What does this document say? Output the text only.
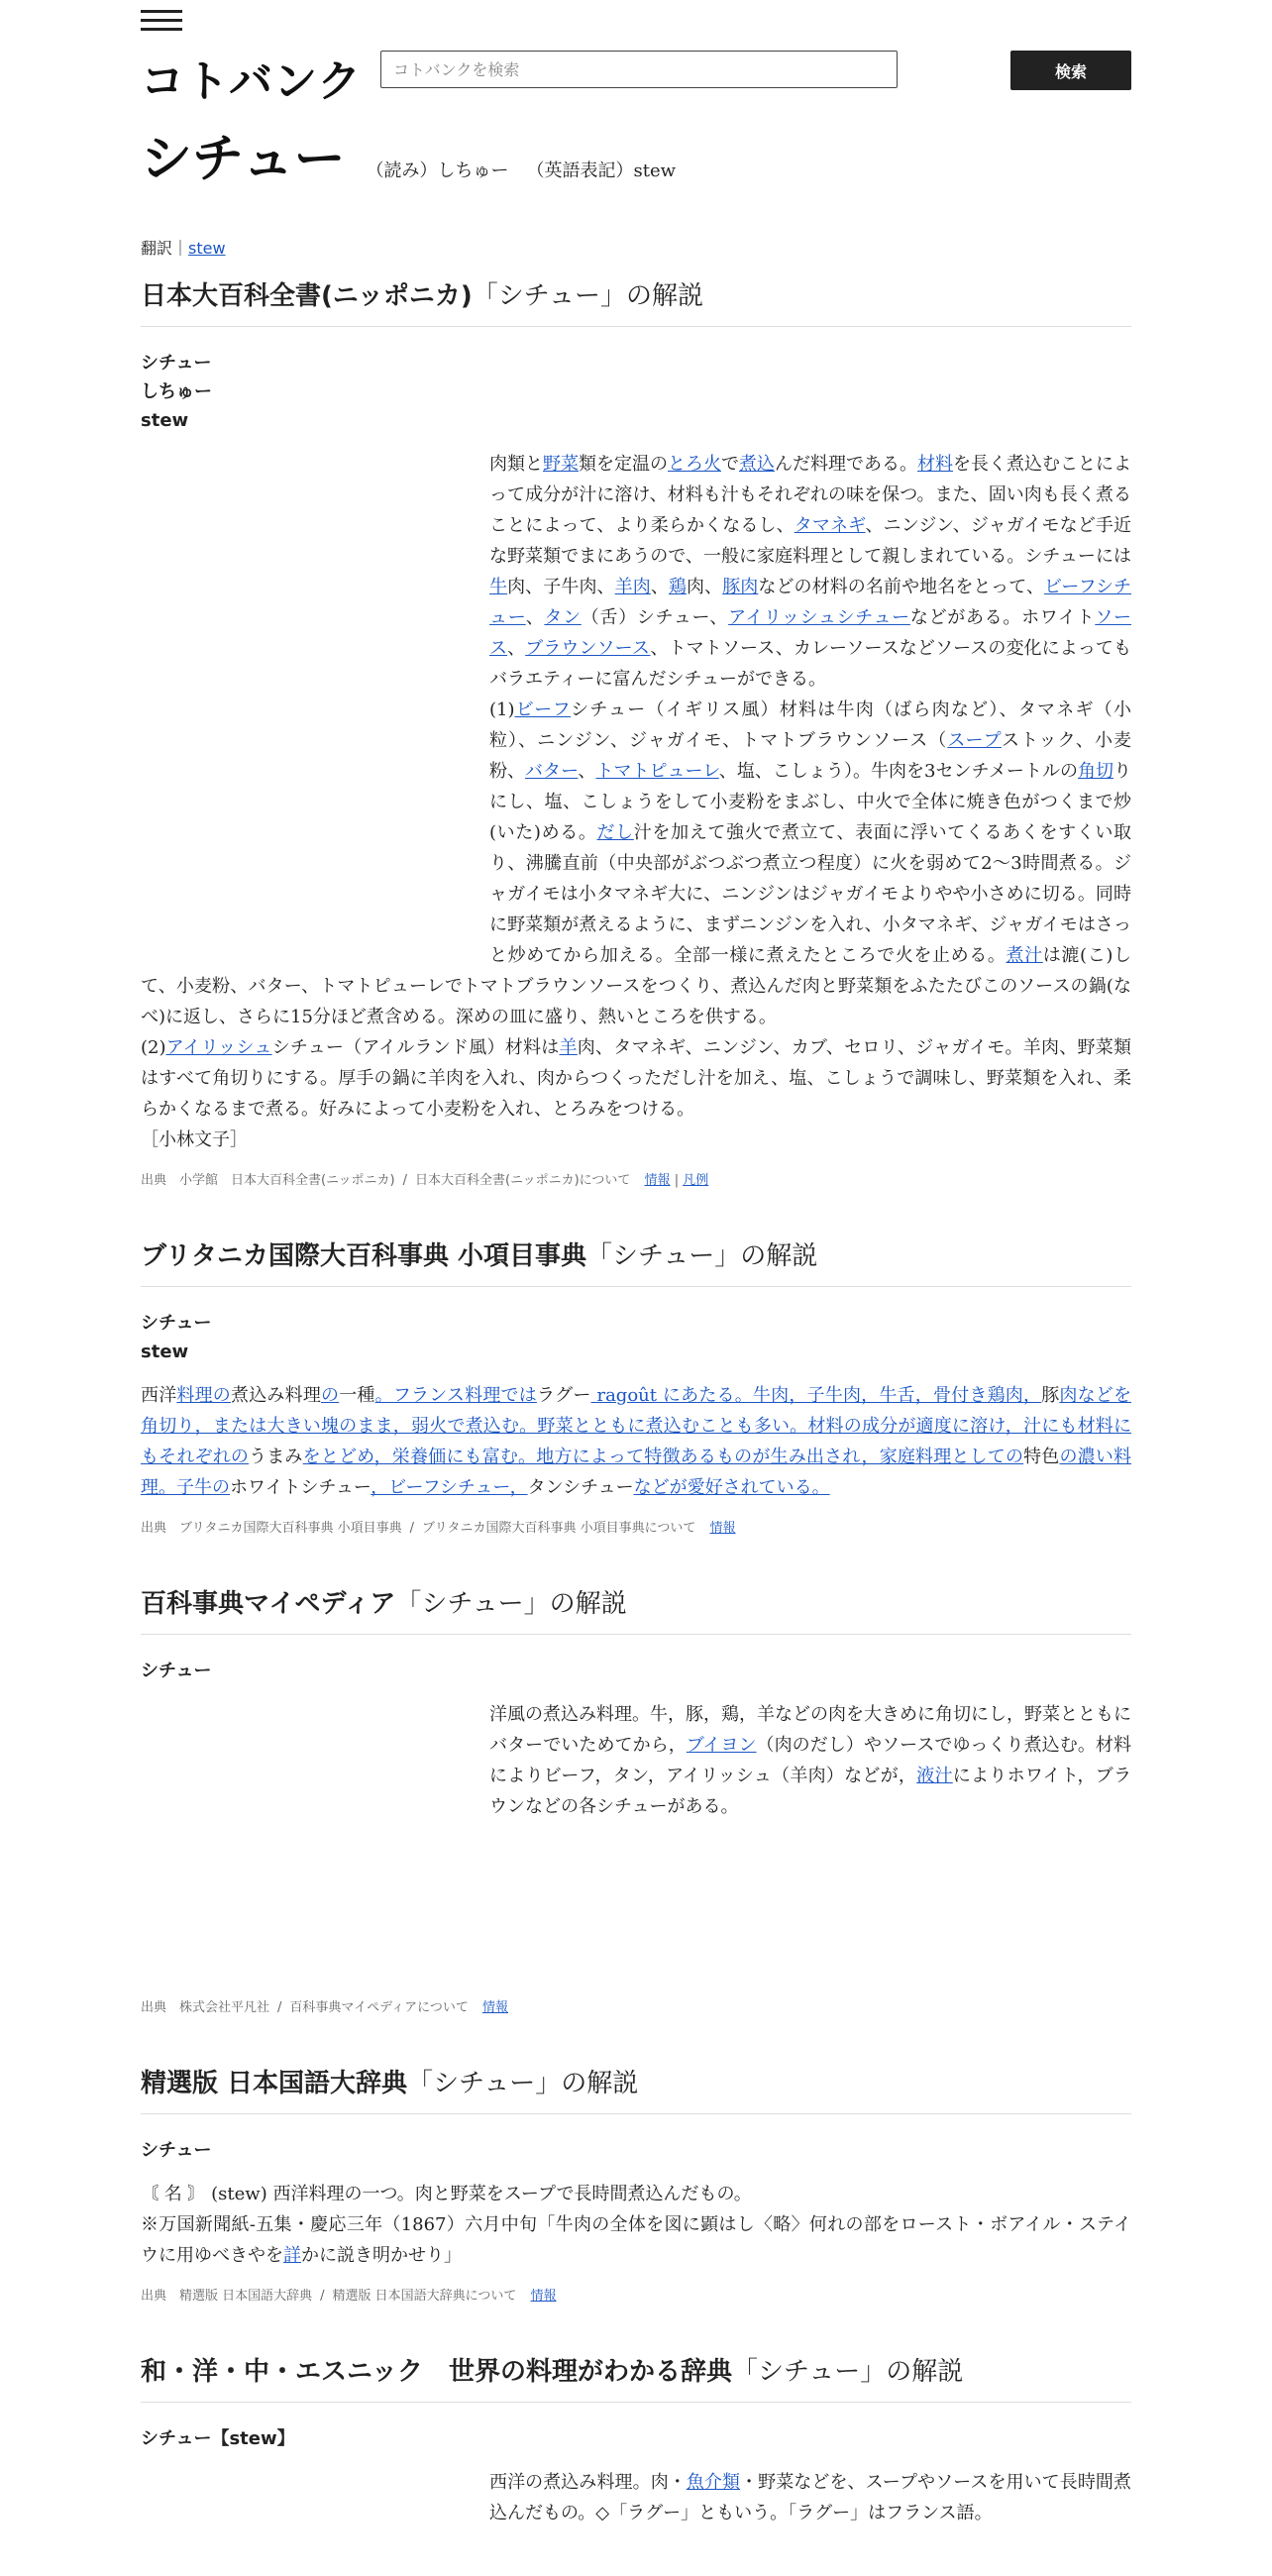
コトバンク
コトバンクを検索	検索
シチュー （読み）しちゅー （英語表記）stew
翻訳｜stew
日本大百科全書(ニッポニカ)「シチュー」の解説
シチュー
しちゅー
stew

肉類と野菜類を定温のとろ火で煮込んだ料理である。材料を長く煮込むことによって成分が汁に溶け、材料も汁もそれぞれの味を保つ。また、固い肉も長く煮ることによって、より柔らかくなるし、タマネギ、ニンジン、ジャガイモなど手近な野菜類でまにあうので、一般に家庭料理として親しまれている。シチューには牛肉、子牛肉、羊肉、鶏肉、豚肉などの材料の名前や地名をとって、ビーフシチュー、タン（舌）シチュー、アイリッシュシチューなどがある。ホワイトソース、ブラウンソース、トマトソース、カレーソースなどソースの変化によってもバラエティーに富んだシチューができる。

(1)ビーフシチュー（イギリス風）材料は牛肉（ばら肉など）、タマネギ（小粒）、ニンジン、ジャガイモ、トマトブラウンソース（スープストック、小麦粉、バター、トマトピューレ、塩、こしょう）。牛肉を3センチメートルの角切りにし、塩、こしょうをして小麦粉をまぶし、中火で全体に焼き色がつくまで炒(いた)める。だし汁を加えて強火で煮立て、表面に浮いてくるあくをすくい取り、沸騰直前（中央部がぶつぶつ煮立つ程度）に火を弱めて2～3時間煮る。ジャガイモは小タマネギ大に、ニンジンはジャガイモよりやや小さめに切る。同時に野菜類が煮えるように、まずニンジンを入れ、小タマネギ、ジャガイモはさっと炒めてから加える。全部一様に煮えたところで火を止める。煮汁は漉(こ)して、小麦粉、バター、トマトピューレでトマトブラウンソースをつくり、煮込んだ肉と野菜類をふたたびこのソースの鍋(なべ)に返し、さらに15分ほど煮含める。深めの皿に盛り、熱いところを供する。

(2)アイリッシュシチュー（アイルランド風）材料は羊肉、タマネギ、ニンジン、カブ、セロリ、ジャガイモ。羊肉、野菜類はすべて角切りにする。厚手の鍋に羊肉を入れ、肉からつくっただし汁を加え、塩、こしょうで調味し、野菜類を入れ、柔らかくなるまで煮る。好みによって小麦粉を入れ、とろみをつける。

［小林文子］

出典　小学館　日本大百科全書(ニッポニカ) / 日本大百科全書(ニッポニカ)について 情報 | 凡例
ブリタニカ国際大百科事典 小項目事典「シチュー」の解説
シチュー
stew

西洋料理の煮込み料理の一種。フランス料理ではラグー ragoût にあたる。牛肉，子牛肉，牛舌，骨付き鶏肉，豚肉などを角切り，または大きい塊のまま，弱火で煮込む。野菜とともに煮込むことも多い。材料の成分が適度に溶け，汁にも材料にもそれぞれのうまみをとどめ，栄養価にも富む。地方によって特徴あるものが生み出され，家庭料理としての特色の濃い料理。子牛のホワイトシチュー，ビーフシチュー，タンシチューなどが愛好されている。

出典　ブリタニカ国際大百科事典 小項目事典 / ブリタニカ国際大百科事典 小項目事典について 情報
百科事典マイペディア「シチュー」の解説
シチュー

洋風の煮込み料理。牛，豚，鶏，羊などの肉を大きめに角切にし，野菜とともにバターでいためてから，ブイヨン（肉のだし）やソースでゆっくり煮込む。材料によりビーフ，タン，アイリッシュ（羊肉）などが，液汁によりホワイト，ブラウンなどの各シチューがある。

出典　株式会社平凡社 / 百科事典マイペディアについて 情報
精選版 日本国語大辞典「シチュー」の解説
シチュー

〘 名 〙 (stew) 西洋料理の一つ。肉と野菜をスープで長時間煮込んだもの。

※万国新聞紙-五集・慶応三年（1867）六月中旬「牛肉の全体を図に顕はし〈略〉何れの部をロースト・ボアイル・ステイウに用ゆべきやを詳かに説き明かせり」

出典　精選版 日本国語大辞典 / 精選版 日本国語大辞典について 情報
和・洋・中・エスニック　世界の料理がわかる辞典「シチュー」の解説
シチュー【stew】

西洋の煮込み料理。肉・魚介類・野菜などを、スープやソースを用いて長時間煮込んだもの。◇「ラグー」ともいう。「ラグー」はフランス語。
